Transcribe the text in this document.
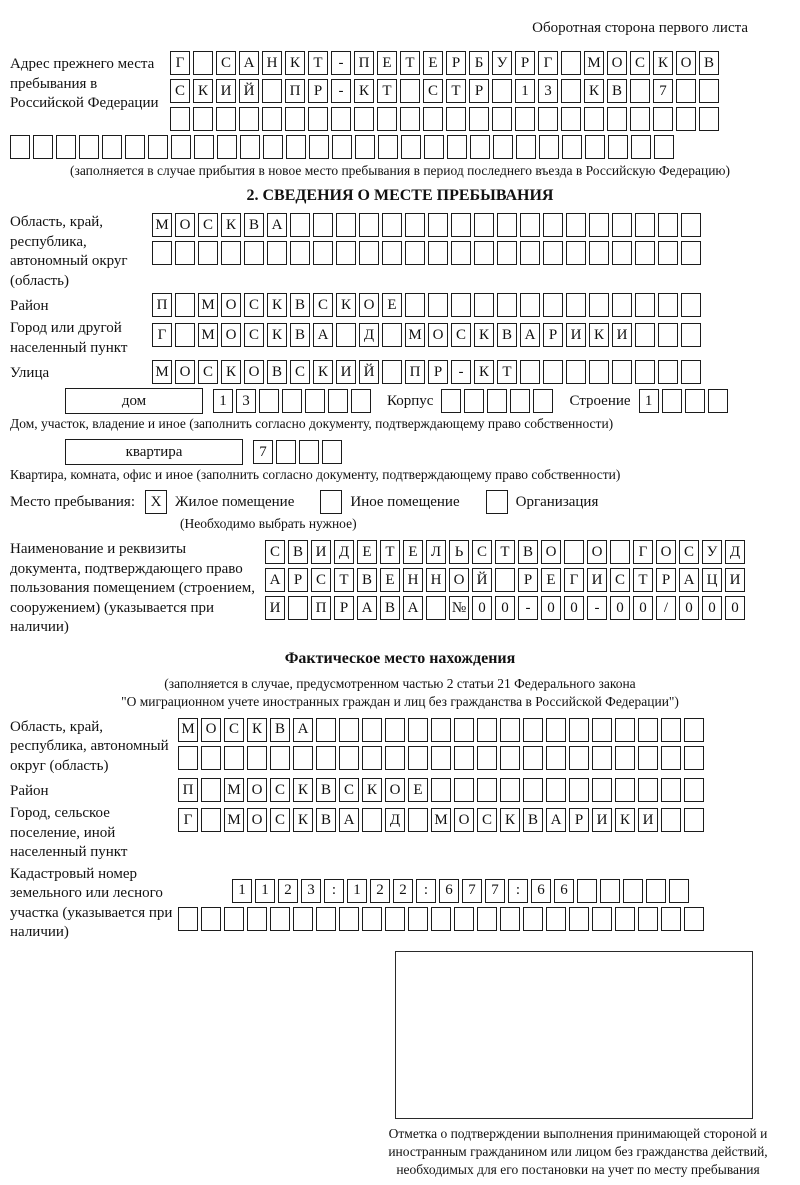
Оборотная сторона первого листа
Адрес прежнего места пребывания в Российской Федерации
Г	С А Н К Т	-	П Е Т Е Р Б У Р Г	М О С К О В
С К И Й	П Р	-	К Т	С Т Р	1	3	К В	7
(заполняется в случае прибытия в новое место пребывания в период последнего въезда в Российскую Федерацию)
2. СВЕДЕНИЯ О МЕСТЕ ПРЕБЫВАНИЯ
Область, край, республика, автономный округ (область)
М О С К В А
Район	П	М О С К В С К О Е
Город или другой населенный пункт
Г	М О С К В А	Д	М О С К В А Р И К И
Улица	М О С К О В С К И Й	П Р	-	К Т
дом	1	3	Корпус	Строение 1
Дом, участок, владение и иное (заполнить согласно документу, подтверждающему право собственности)
квартира	7
Квартира, комната, офис и иное (заполнить согласно документу, подтверждающему право собственности)
Место пребывания:	X Жилое помещение	Иное помещение	Организация
(Необходимо выбрать нужное)
Наименование и реквизиты документа, подтверждающего право пользования помещением (строением, сооружением) (указывается при наличии)
С В И Д Е Т Е Л Ь С Т В О	О	Г О С У Д
А Р С Т В Е Н Н О Й	Р Е Г И С Т Р А Ц И
И	П Р А В А	№ 0	0	-	0	0	-	0	0	/	0	0	0
Фактическое место нахождения
(заполняется в случае, предусмотренном частью 2 статьи 21 Федерального закона
"О миграционном учете иностранных граждан и лиц без гражданства в Российской Федерации")
Область, край, республика, автономный округ (область)
М О С К В А
Район	П	М О С К В С К О Е
Город, сельское поселение, иной населенный пункт
Г	М О С К В А	Д	М О С К В А Р И К И
Кадастровый номер земельного или лесного участка (указывается при наличии)
1	1	2	3	:	1	2	2	:	6	7	7	:	6	6
Отметка о подтверждении выполнения принимающей стороной и иностранным гражданином или лицом без гражданства действий, необходимых для его постановки на учет по месту пребывания
